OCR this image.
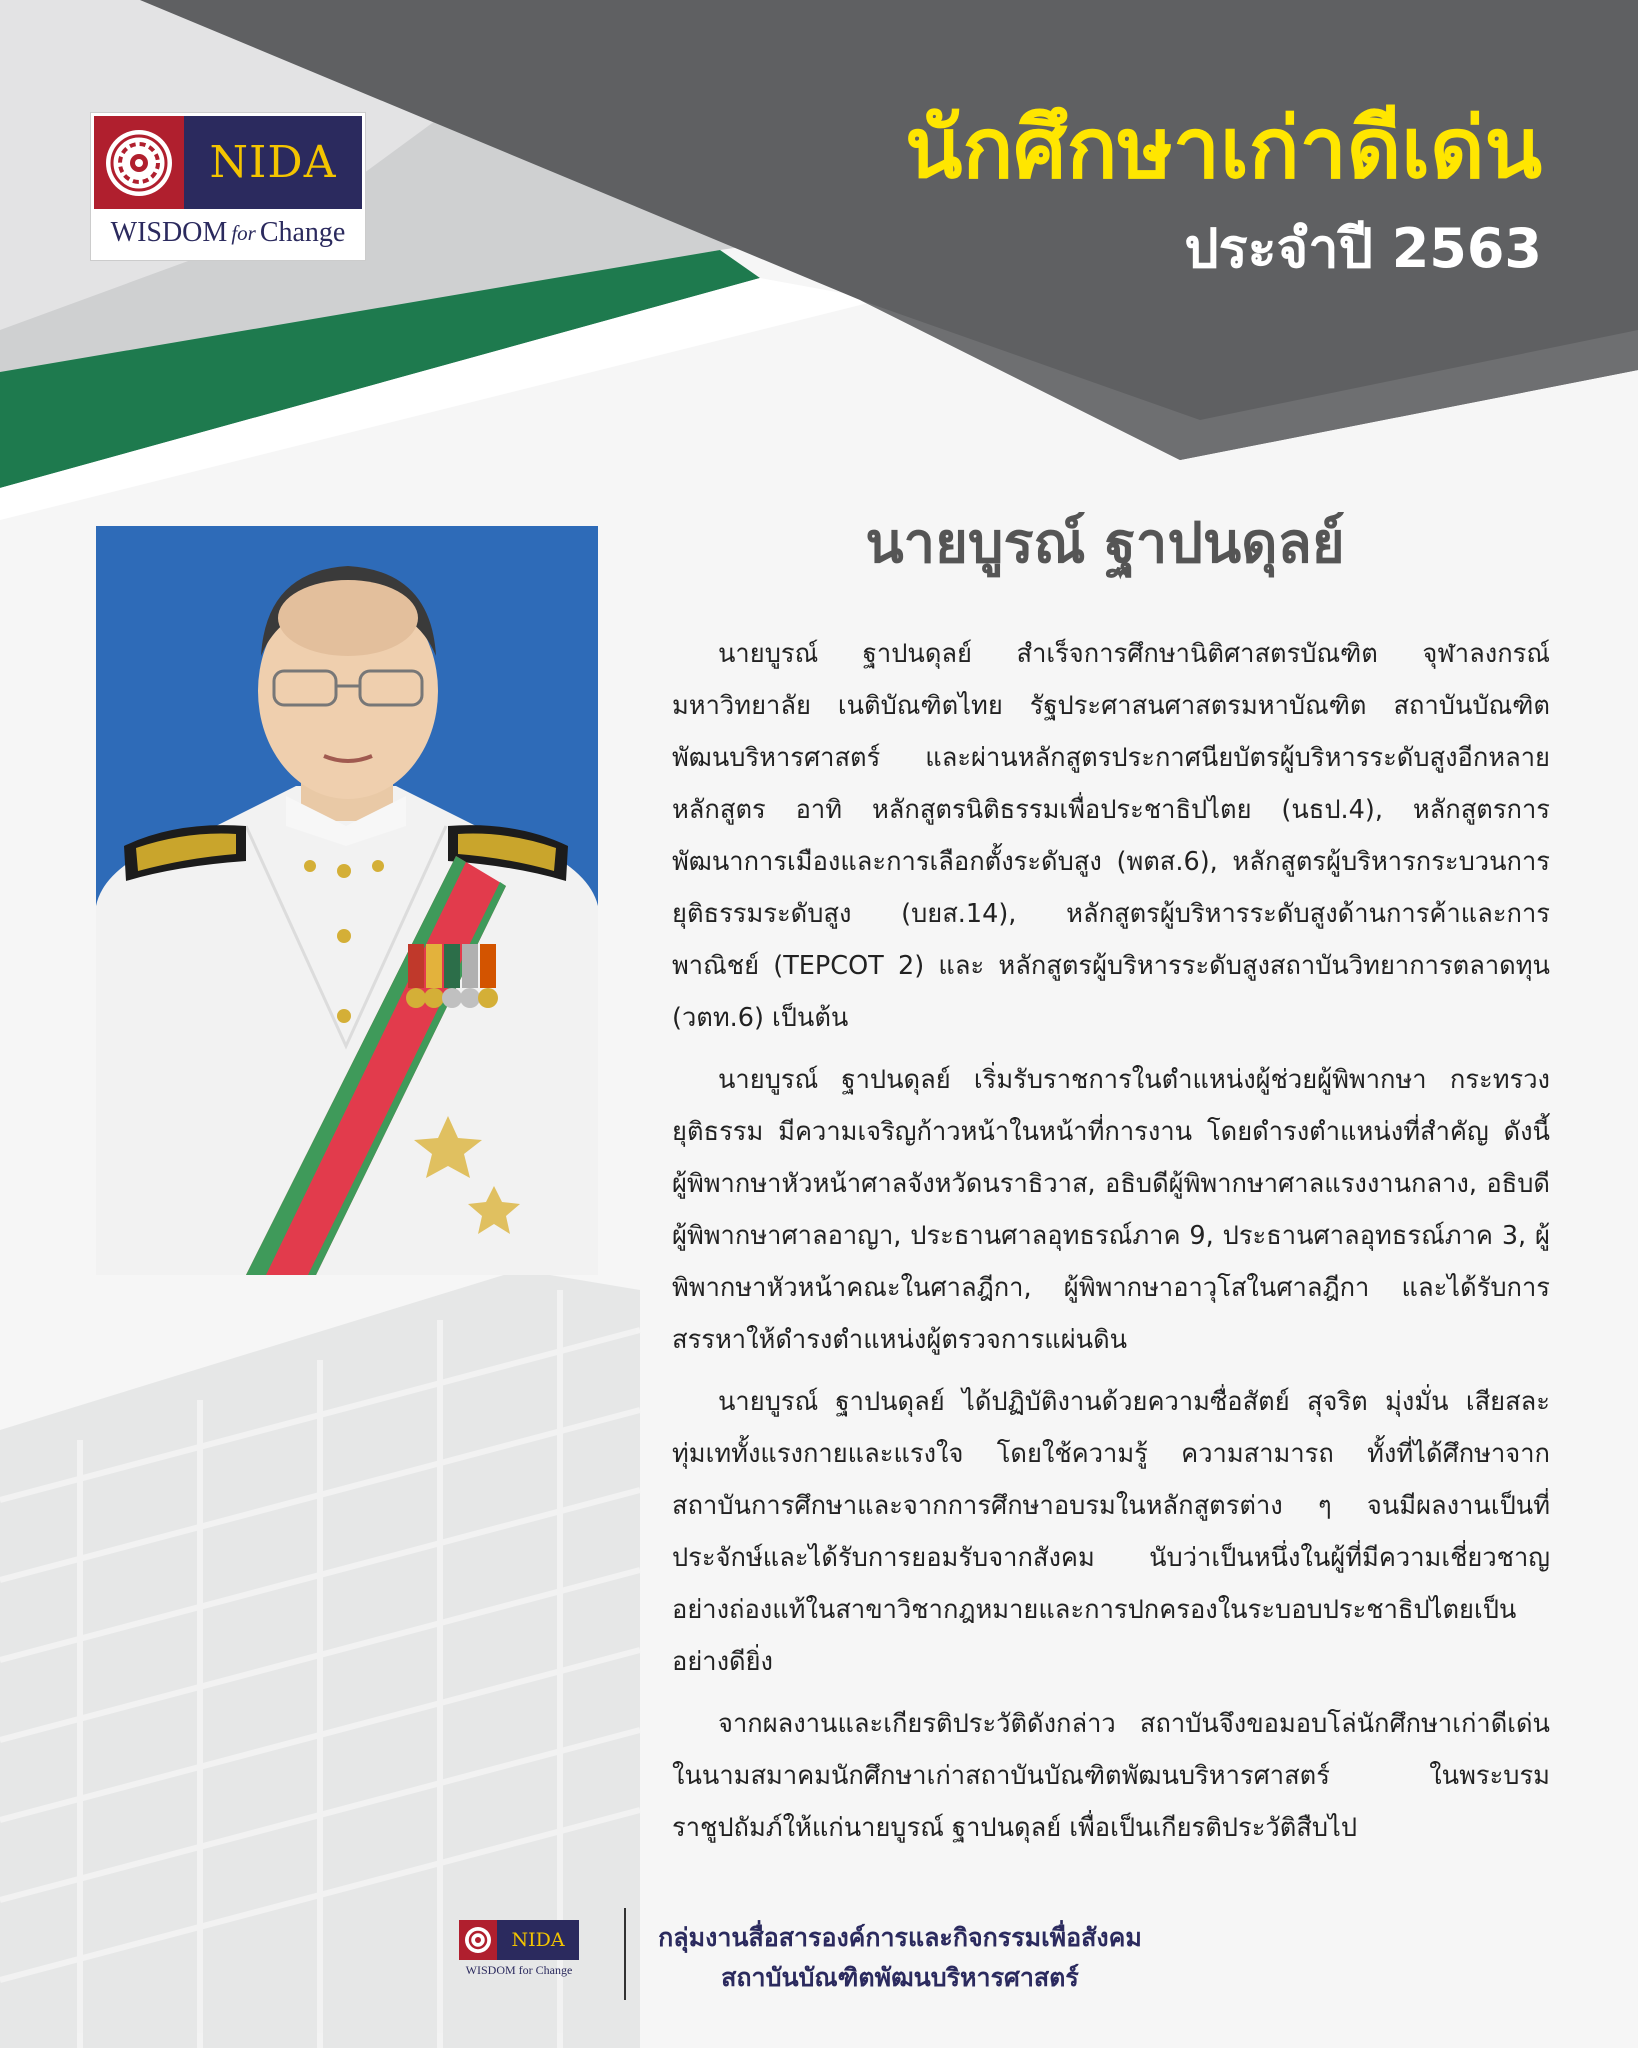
NIDA
WISDOM for Change
นักศึกษาเก่าดีเด่น
ประจำปี 2563
นายบูรณ์ ฐาปนดุลย์

นายบูรณ์ ฐาปนดุลย์ สำเร็จการศึกษานิติศาสตรบัณฑิต จุฬาลงกรณ์มหาวิทยาลัย เนติบัณฑิตไทย รัฐประศาสนศาสตรมหาบัณฑิต สถาบันบัณฑิตพัฒนบริหารศาสตร์ และผ่านหลักสูตรประกาศนียบัตรผู้บริหารระดับสูงอีกหลายหลักสูตร อาทิ หลักสูตรนิติธรรมเพื่อประชาธิปไตย (นธป.4), หลักสูตรการพัฒนาการเมืองและการเลือกตั้งระดับสูง (พตส.6), หลักสูตรผู้บริหารกระบวนการยุติธรรมระดับสูง (บยส.14), หลักสูตรผู้บริหารระดับสูงด้านการค้าและการพาณิชย์ (TEPCOT 2) และ หลักสูตรผู้บริหารระดับสูงสถาบันวิทยาการตลาดทุน (วตท.6) เป็นต้น

นายบูรณ์ ฐาปนดุลย์ เริ่มรับราชการในตำแหน่งผู้ช่วยผู้พิพากษา กระทรวงยุติธรรม มีความเจริญก้าวหน้าในหน้าที่การงาน โดยดำรงตำแหน่งที่สำคัญ ดังนี้ ผู้พิพากษาหัวหน้าศาลจังหวัดนราธิวาส, อธิบดีผู้พิพากษาศาลแรงงานกลาง, อธิบดีผู้พิพากษาศาลอาญา, ประธานศาลอุทธรณ์ภาค 9, ประธานศาลอุทธรณ์ภาค 3, ผู้พิพากษาหัวหน้าคณะในศาลฎีกา, ผู้พิพากษาอาวุโสในศาลฎีกา และได้รับการสรรหาให้ดำรงตำแหน่งผู้ตรวจการแผ่นดิน

นายบูรณ์ ฐาปนดุลย์ ได้ปฏิบัติงานด้วยความซื่อสัตย์ สุจริต มุ่งมั่น เสียสละทุ่มเททั้งแรงกายและแรงใจ โดยใช้ความรู้ ความสามารถ ทั้งที่ได้ศึกษาจากสถาบันการศึกษาและจากการศึกษาอบรมในหลักสูตรต่าง ๆ จนมีผลงานเป็นที่ประจักษ์และได้รับการยอมรับจากสังคม นับว่าเป็นหนึ่งในผู้ที่มีความเชี่ยวชาญอย่างถ่องแท้ในสาขาวิชากฎหมายและการปกครองในระบอบประชาธิปไตยเป็นอย่างดียิ่ง

จากผลงานและเกียรติประวัติดังกล่าว สถาบันจึงขอมอบโล่นักศึกษาเก่าดีเด่น ในนามสมาคมนักศึกษาเก่าสถาบันบัณฑิตพัฒนบริหารศาสตร์ ในพระบรมราชูปถัมภ์ให้แก่นายบูรณ์ ฐาปนดุลย์ เพื่อเป็นเกียรติประวัติสืบไป

NIDA
WISDOM for Change
กลุ่มงานสื่อสารองค์การและกิจกรรมเพื่อสังคม
สถาบันบัณฑิตพัฒนบริหารศาสตร์
